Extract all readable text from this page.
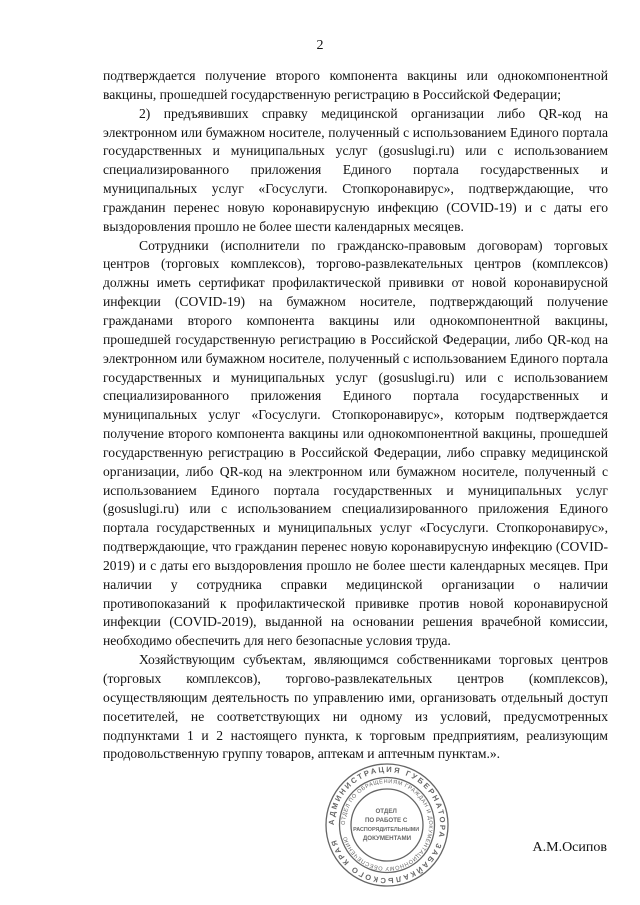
2

подтверждается получение второго компонента вакцины или однокомпонентной вакцины, прошедшей государственную регистрацию в Российской Федерации;

2) предъявивших справку медицинской организации либо QR-код на электронном или бумажном носителе, полученный с использованием Единого портала государственных и муниципальных услуг (gosuslugi.ru) или с использованием специализированного приложения Единого портала государственных и муниципальных услуг «Госуслуги. Стопкоронавирус», подтверждающие, что гражданин перенес новую коронавирусную инфекцию (COVID-19) и с даты его выздоровления прошло не более шести календарных месяцев.

Сотрудники (исполнители по гражданско-правовым договорам) торговых центров (торговых комплексов), торгово-развлекательных центров (комплексов) должны иметь сертификат профилактической прививки от новой коронавирусной инфекции (COVID-19) на бумажном носителе, подтверждающий получение гражданами второго компонента вакцины или однокомпонентной вакцины, прошедшей государственную регистрацию в Российской Федерации, либо QR-код на электронном или бумажном носителе, полученный с использованием Единого портала государственных и муниципальных услуг (gosuslugi.ru) или с использованием специализированного приложения Единого портала государственных и муниципальных услуг «Госуслуги. Стопкоронавирус», которым подтверждается получение второго компонента вакцины или однокомпонентной вакцины, прошедшей государственную регистрацию в Российской Федерации, либо справку медицинской организации, либо QR-код на электронном или бумажном носителе, полученный с использованием Единого портала государственных и муниципальных услуг (gosuslugi.ru) или с использованием специализированного приложения Единого портала государственных и муниципальных услуг «Госуслуги. Стопкоронавирус», подтверждающие, что гражданин перенес новую коронавирусную инфекцию (COVID-2019) и с даты его выздоровления прошло не более шести календарных месяцев. При наличии у сотрудника справки медицинской организации о наличии противопоказаний к профилактической прививке против новой коронавирусной инфекции (COVID-2019), выданной на основании решения врачебной комиссии, необходимо обеспечить для него безопасные условия труда.

Хозяйствующим субъектам, являющимся собственниками торговых центров (торговых комплексов), торгово-развлекательных центров (комплексов), осуществляющим деятельность по управлению ими, организовать отдельный доступ посетителей, не соответствующих ни одному из условий, предусмотренных подпунктами 1 и 2 настоящего пункта, к торговым предприятиям, реализующим продовольственную группу товаров, аптекам и аптечным пунктам.».

АДМИНИСТРАЦИЯ ГУБЕРНАТОРА ЗАБАЙКАЛЬСКОГО КРАЯ
ОТДЕЛ ПО ОБРАЩЕНИЯМ ГРАЖДАН И ДОКУМЕНТАЦИОННОМУ ОБЕСПЕЧЕНИЮ
ОТДЕЛ ПО РАБОТЕ С РАСПОРЯДИТЕЛЬНЫМИ ДОКУМЕНТАМИ
А.М.Осипов
